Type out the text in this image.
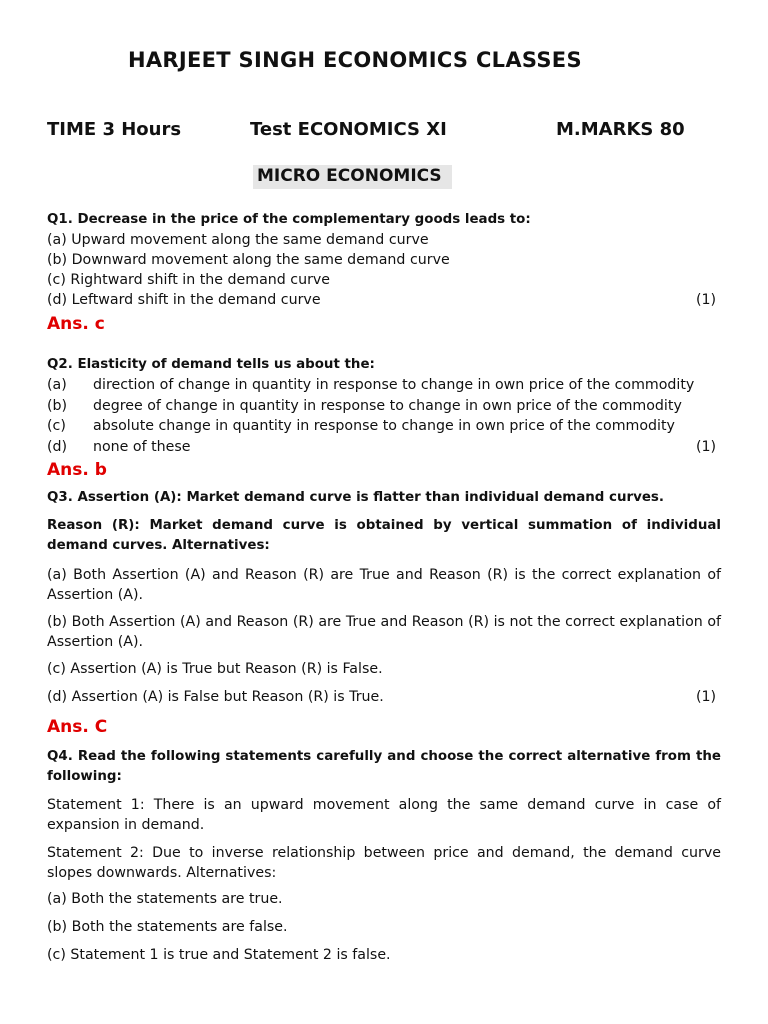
HARJEET SINGH ECONOMICS CLASSES
TIME 3 Hours	Test ECONOMICS XI	M.MARKS 80
MICRO ECONOMICS
Q1. Decrease in the price of the complementary goods leads to:
(a) Upward movement along the same demand curve
(b) Downward movement along the same demand curve
(c) Rightward shift in the demand curve
(d) Leftward shift in the demand curve	(1)
Ans. c
Q2. Elasticity of demand tells us about the:
(a) direction of change in quantity in response to change in own price of the commodity
(b) degree of change in quantity in response to change in own price of the commodity
(c) absolute change in quantity in response to change in own price of the commodity
(d) none of these	(1)
Ans. b
Q3. Assertion (A): Market demand curve is flatter than individual demand curves.
Reason (R): Market demand curve is obtained by vertical summation of individual demand curves. Alternatives:
(a) Both Assertion (A) and Reason (R) are True and Reason (R) is the correct explanation of Assertion (A).
(b) Both Assertion (A) and Reason (R) are True and Reason (R) is not the correct explanation of Assertion (A).
(c) Assertion (A) is True but Reason (R) is False.
(d) Assertion (A) is False but Reason (R) is True.	(1)
Ans. C
Q4. Read the following statements carefully and choose the correct alternative from the following:
Statement 1: There is an upward movement along the same demand curve in case of expansion in demand.
Statement 2: Due to inverse relationship between price and demand, the demand curve slopes downwards. Alternatives:
(a) Both the statements are true.
(b) Both the statements are false.
(c) Statement 1 is true and Statement 2 is false.
